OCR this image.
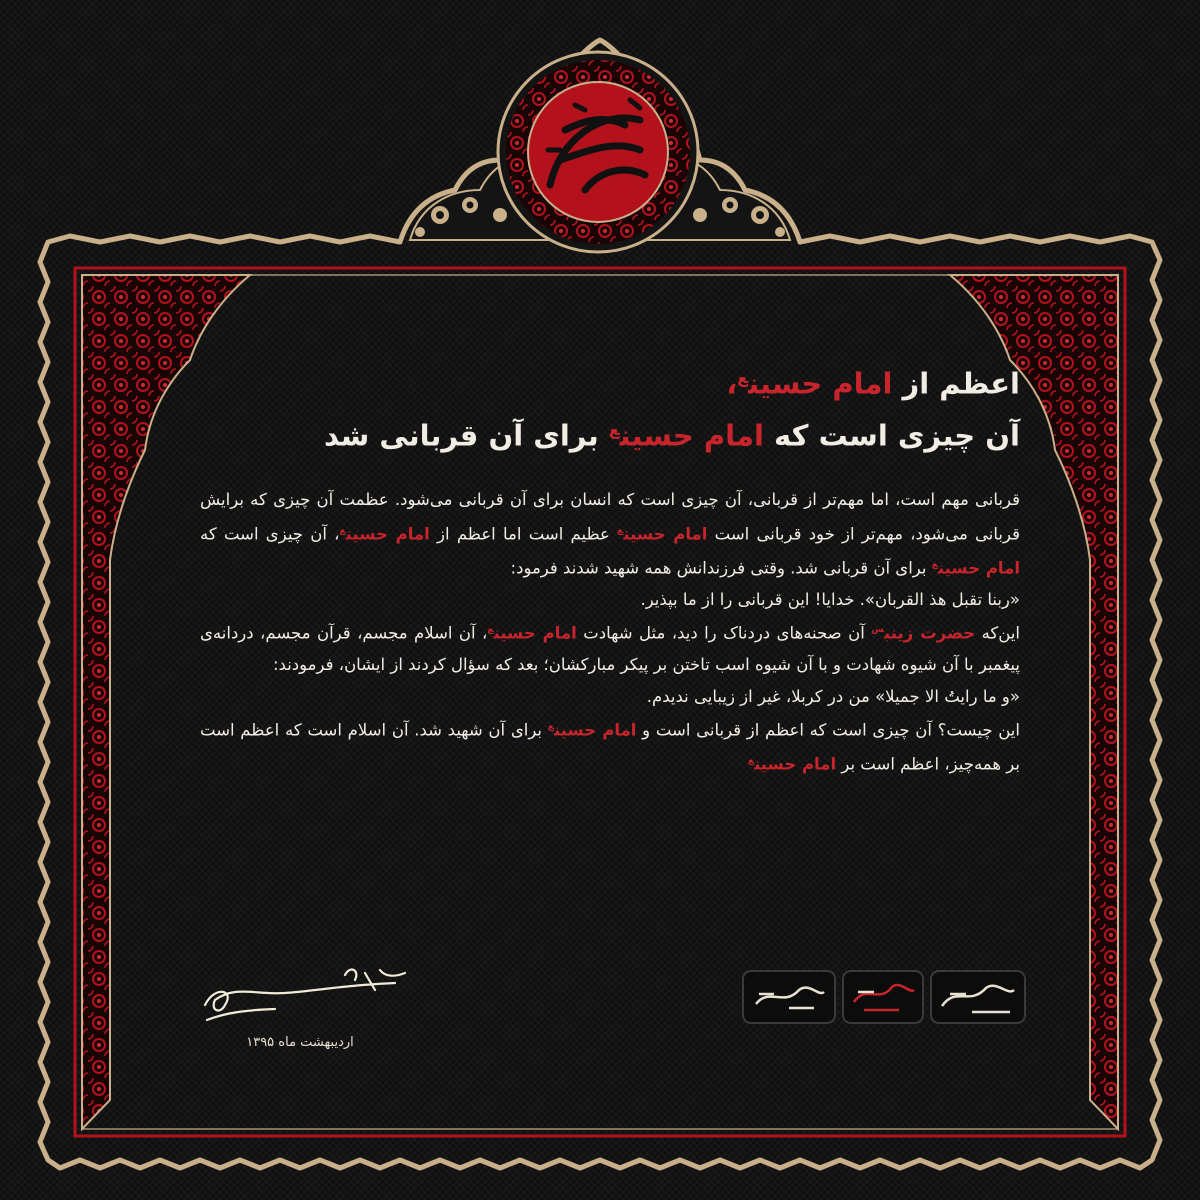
اعظم از امام حسین$^ع$،
آن چیزی است که امام حسین$^ع$ برای آن قربانی شد

قربانی مهم است، اما مهم‌تر از قربانی، آن چیزی است که انسان برای آن قربانی می‌شود. عظمت آن چیزی که برایش قربانی می‌شود، مهم‌تر از خود قربانی است امام حسین$^ع$ عظیم است اما اعظم از امام حسین$^ع$، آن چیزی است که امام حسین$^ع$ برای آن قربانی شد. وقتی فرزندانش همه شهید شدند فرمود:

«ربنا تقبل هذ القربان». خدایا! این قربانی را از ما بپذیر.

این‌که حضرت زینب$^س$ آن صحنه‌های دردناک را دید، مثل شهادت امام حسین$^ع$، آن اسلام مجسم، قرآن مجسم، دردانه‌ی پیغمبر با آن شیوه شهادت و با آن شیوه اسب تاختن بر پیکر مبارکشان؛ بعد که سؤال کردند از ایشان، فرمودند:

«و ما رایتُ الا جمیلا» من در کربلا، غیر از زیبایی ندیدم.

این چیست؟ آن چیزی است که اعظم از قربانی است و امام حسین$^ع$ برای آن شهید شد. آن اسلام است که اعظم است بر همه‌چیز، اعظم است بر امام حسین$^ع$

اردیبهشت ماه ۱۳۹۵
